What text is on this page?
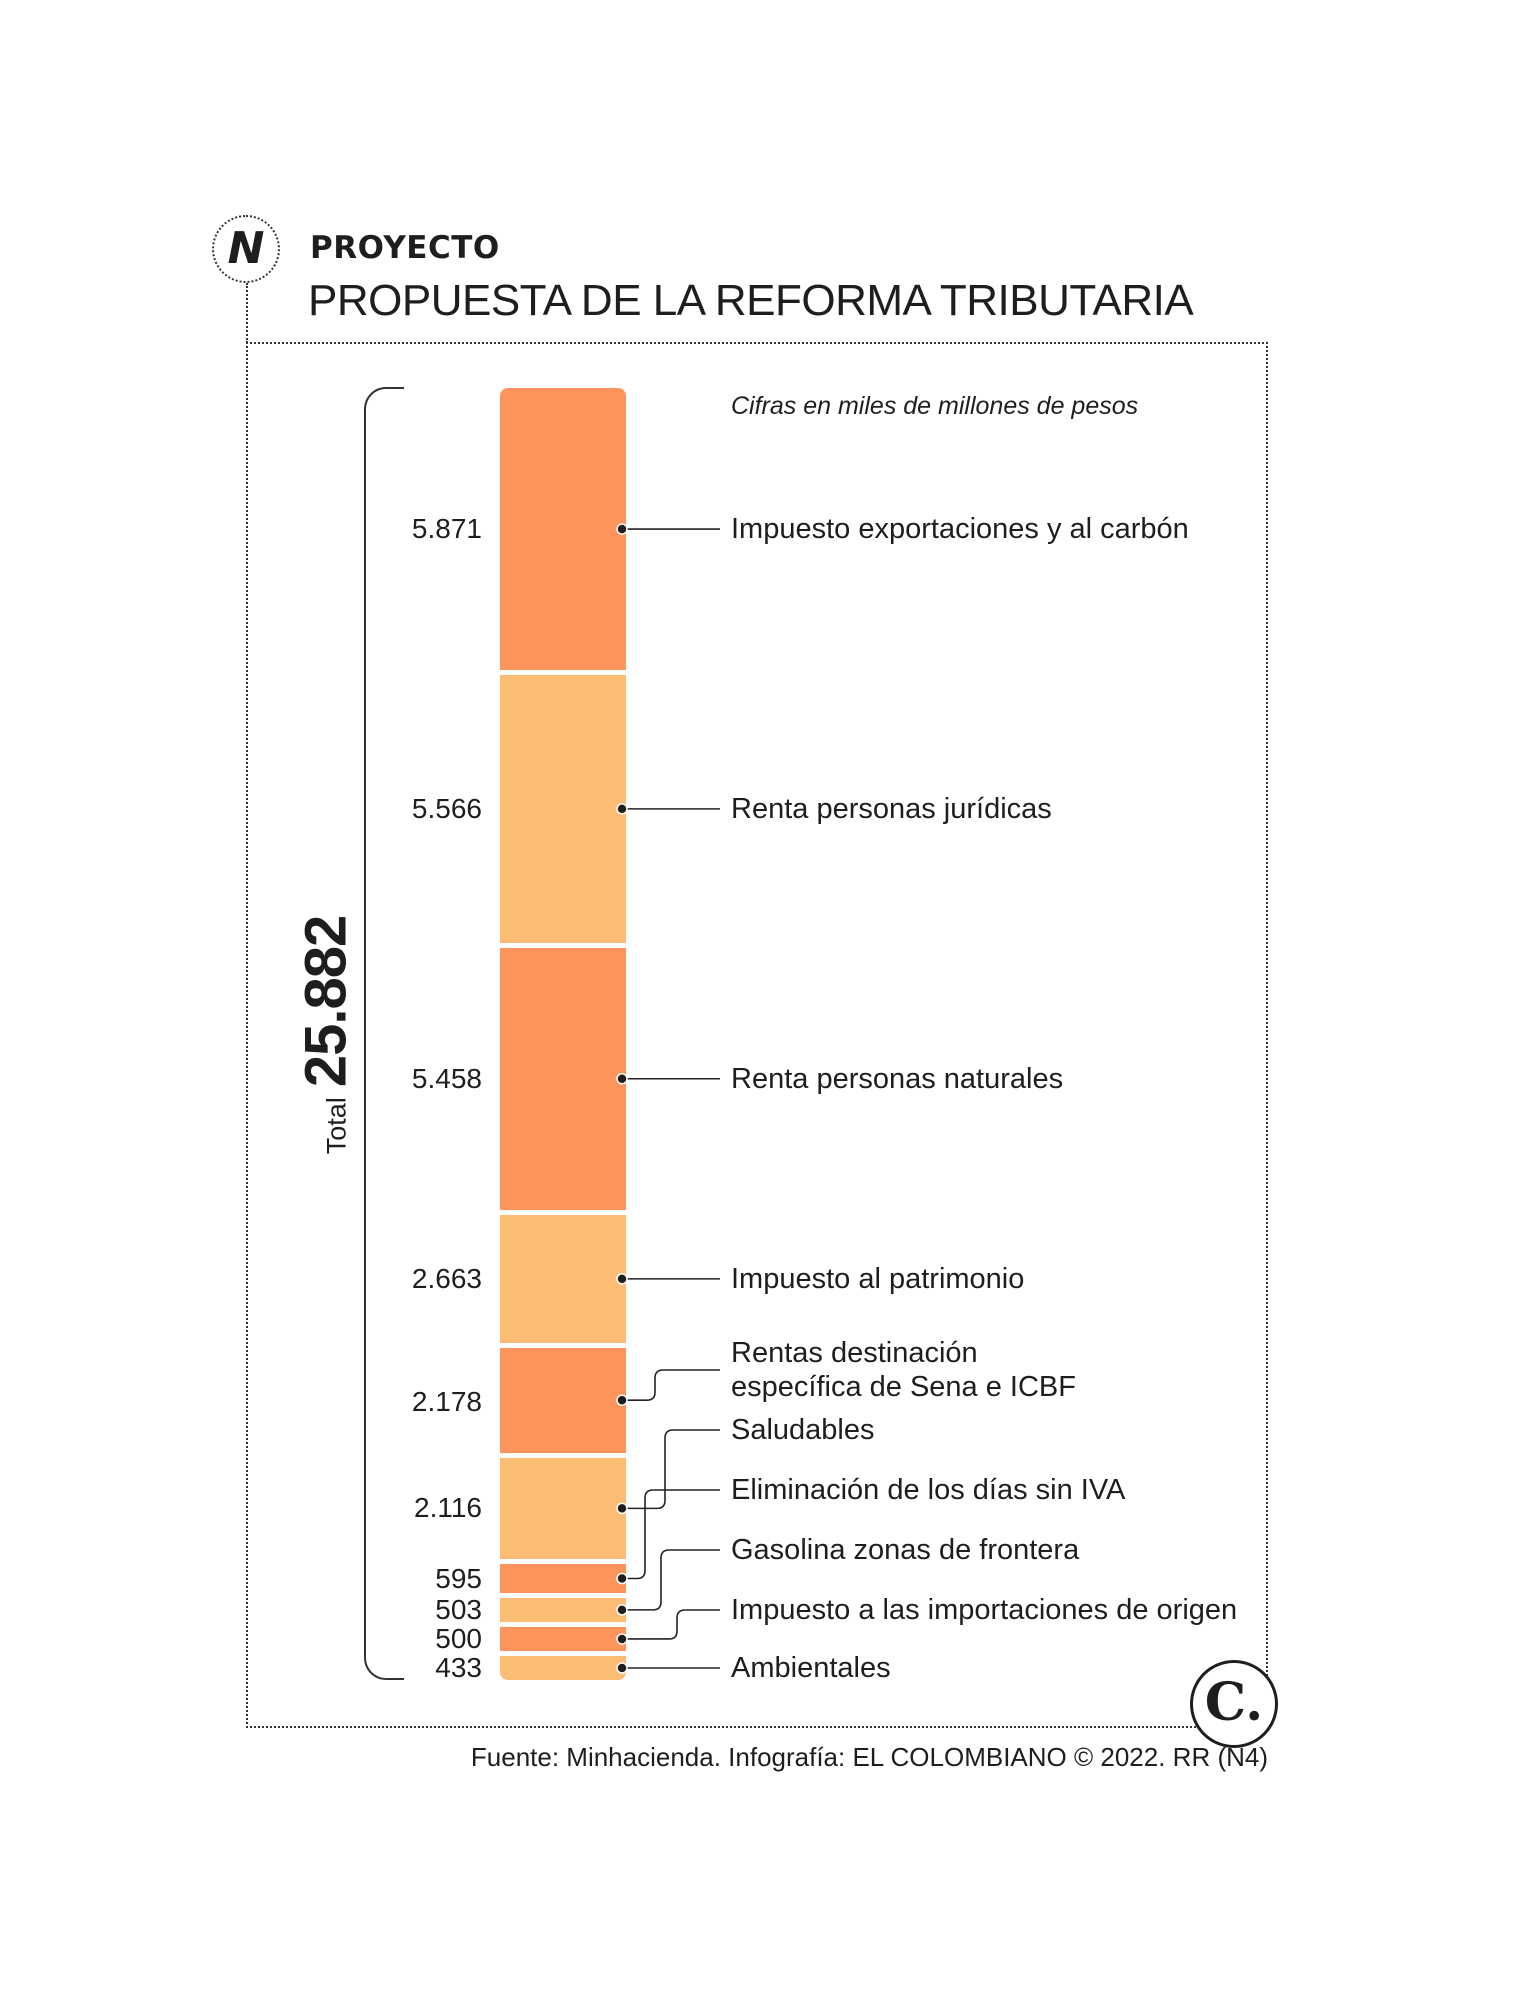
N	PROYECTO
PROPUESTA DE LA REFORMA TRIBUTARIA
Cifras en miles de millones de pesos
Total
25.882
C.
Fuente: Minhacienda. Infografía: EL COLOMBIANO © 2022. RR (N4)
5.871
5.566
5.458
2.663
2.178
2.116
595
503
500
433
Impuesto exportaciones y al carbón
Renta personas jurídicas
Renta personas naturales
Impuesto al patrimonio
Rentas destinación
específica de Sena e ICBF
Saludables
Eliminación de los días sin IVA
Gasolina zonas de frontera
Impuesto a las importaciones de origen
Ambientales
